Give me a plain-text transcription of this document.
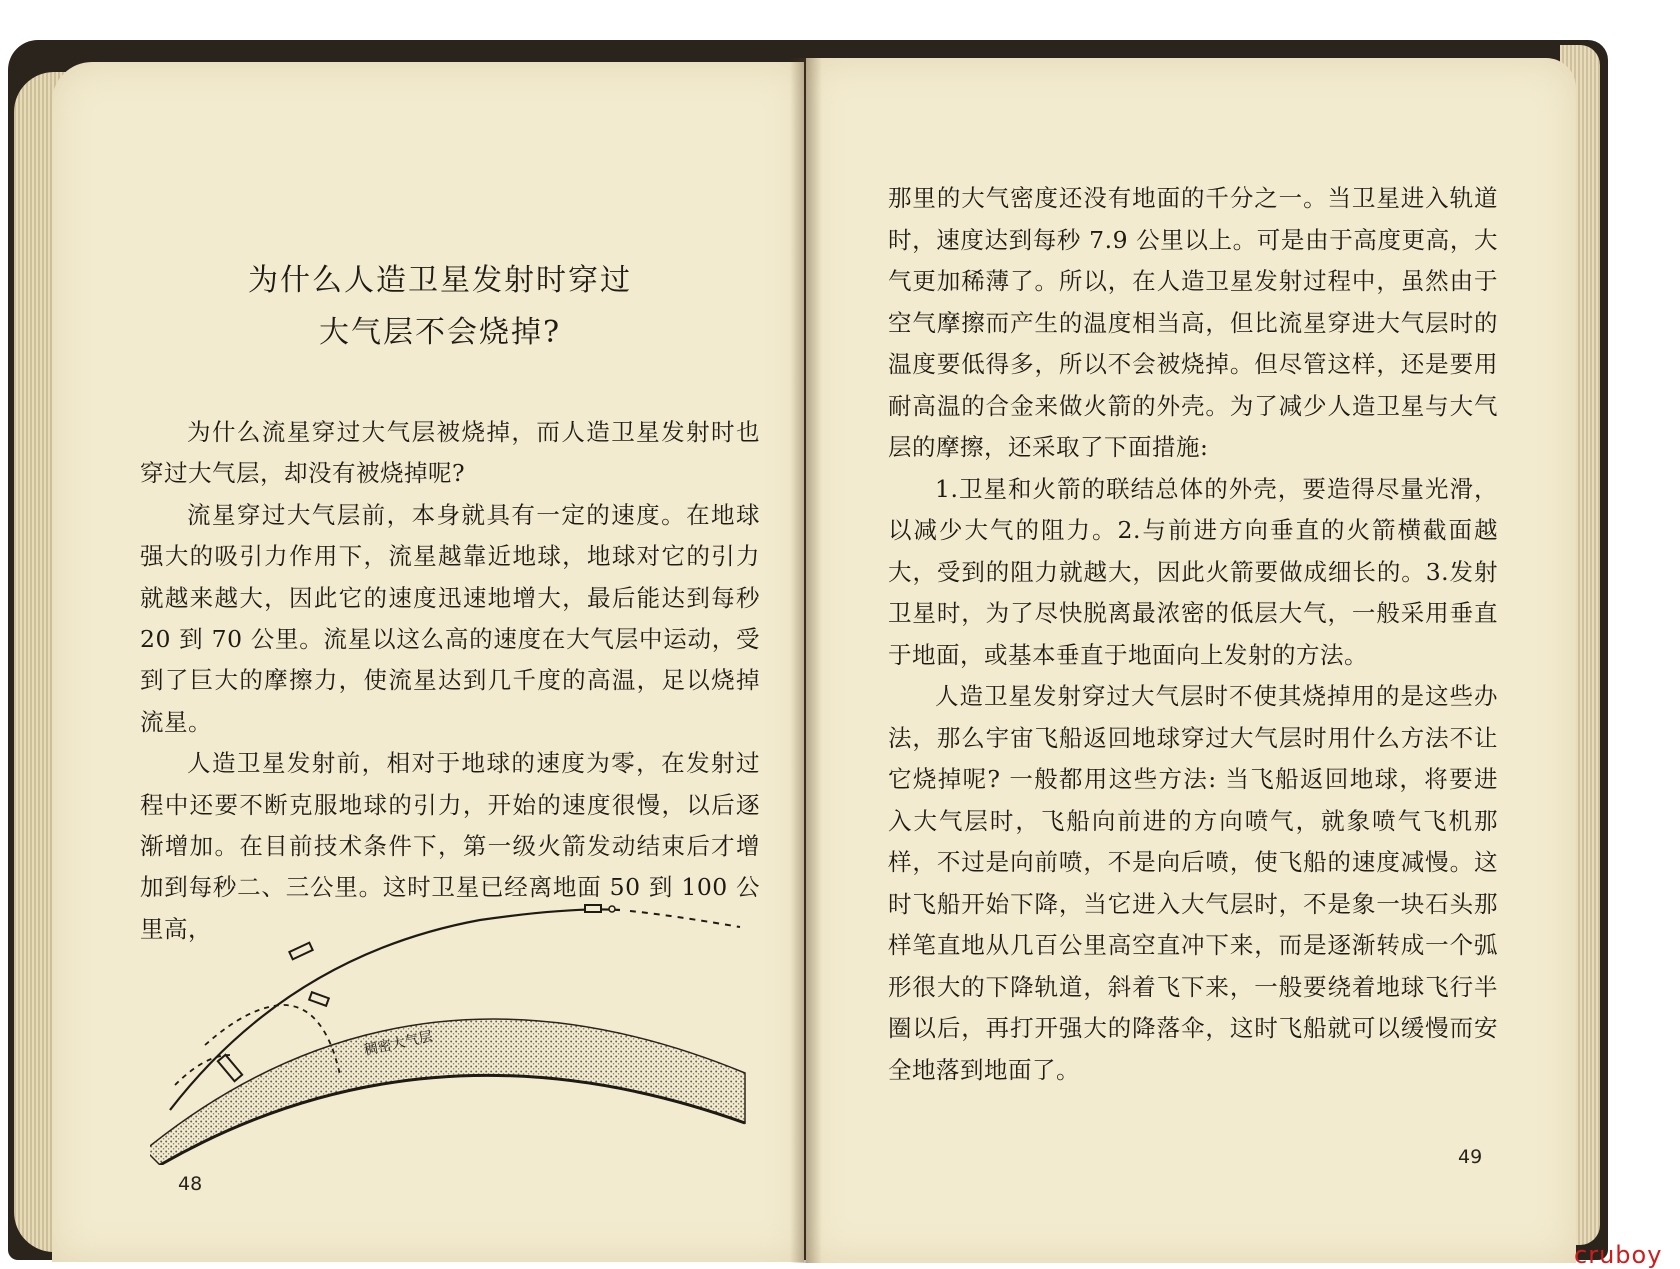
为什么人造卫星发射时穿过
大气层不会烧掉?

为什么流星穿过大气层被烧掉，而人造卫星发射时也穿过大气层，却没有被烧掉呢?

流星穿过大气层前，本身就具有一定的速度。在地球强大的吸引力作用下，流星越靠近地球，地球对它的引力就越来越大，因此它的速度迅速地增大，最后能达到每秒 20 到 70 公里。流星以这么高的速度在大气层中运动，受到了巨大的摩擦力，使流星达到几千度的高温，足以烧掉流星。

人造卫星发射前，相对于地球的速度为零，在发射过程中还要不断克服地球的引力，开始的速度很慢，以后逐渐增加。在目前技术条件下，第一级火箭发动结束后才增加到每秒二、三公里。这时卫星已经离地面 50 到 100 公里高，

稠密大气层
48

那里的大气密度还没有地面的千分之一。当卫星进入轨道时，速度达到每秒 7.9 公里以上。可是由于高度更高，大气更加稀薄了。所以，在人造卫星发射过程中，虽然由于空气摩擦而产生的温度相当高，但比流星穿进大气层时的温度要低得多，所以不会被烧掉。但尽管这样，还是要用耐高温的合金来做火箭的外壳。为了减少人造卫星与大气层的摩擦，还采取了下面措施:

1.卫星和火箭的联结总体的外壳，要造得尽量光滑，以减少大气的阻力。2.与前进方向垂直的火箭横截面越大，受到的阻力就越大，因此火箭要做成细长的。3.发射卫星时，为了尽快脱离最浓密的低层大气，一般采用垂直于地面，或基本垂直于地面向上发射的方法。

人造卫星发射穿过大气层时不使其烧掉用的是这些办法，那么宇宙飞船返回地球穿过大气层时用什么方法不让它烧掉呢? 一般都用这些方法: 当飞船返回地球，将要进入大气层时，飞船向前进的方向喷气，就象喷气飞机那样，不过是向前喷，不是向后喷，使飞船的速度减慢。这时飞船开始下降，当它进入大气层时，不是象一块石头那样笔直地从几百公里高空直冲下来，而是逐渐转成一个弧形很大的下降轨道，斜着飞下来，一般要绕着地球飞行半圈以后，再打开强大的降落伞，这时飞船就可以缓慢而安全地落到地面了。

49
cruboy
